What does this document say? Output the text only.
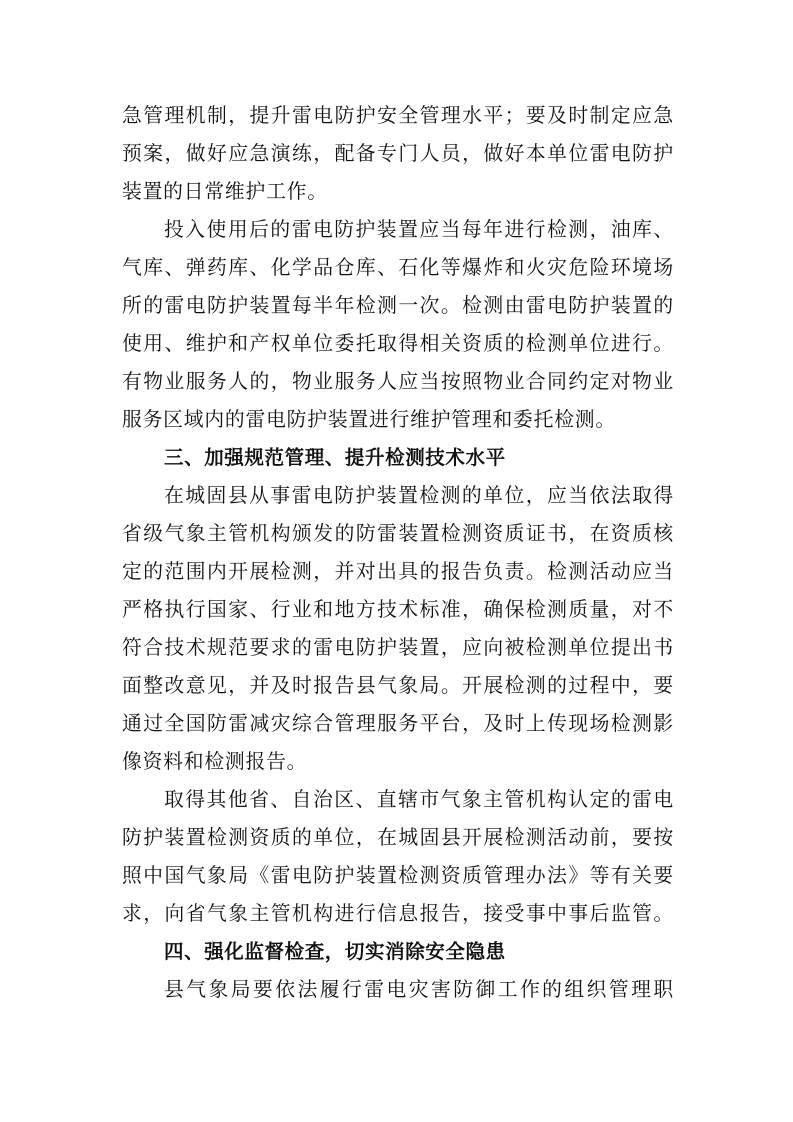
急管理机制，提升雷电防护安全管理水平；要及时制定应急
预案，做好应急演练，配备专门人员，做好本单位雷电防护
装置的日常维护工作。
投入使用后的雷电防护装置应当每年进行检测，油库、
气库、弹药库、化学品仓库、石化等爆炸和火灾危险环境场
所的雷电防护装置每半年检测一次。检测由雷电防护装置的
使用、维护和产权单位委托取得相关资质的检测单位进行。
有物业服务人的，物业服务人应当按照物业合同约定对物业
服务区域内的雷电防护装置进行维护管理和委托检测。
三、加强规范管理、提升检测技术水平
在城固县从事雷电防护装置检测的单位，应当依法取得
省级气象主管机构颁发的防雷装置检测资质证书，在资质核
定的范围内开展检测，并对出具的报告负责。检测活动应当
严格执行国家、行业和地方技术标准，确保检测质量，对不
符合技术规范要求的雷电防护装置，应向被检测单位提出书
面整改意见，并及时报告县气象局。开展检测的过程中，要
通过全国防雷减灾综合管理服务平台，及时上传现场检测影
像资料和检测报告。
取得其他省、自治区、直辖市气象主管机构认定的雷电
防护装置检测资质的单位，在城固县开展检测活动前，要按
照中国气象局《雷电防护装置检测资质管理办法》等有关要
求，向省气象主管机构进行信息报告，接受事中事后监管。
四、强化监督检查，切实消除安全隐患
县气象局要依法履行雷电灾害防御工作的组织管理职
